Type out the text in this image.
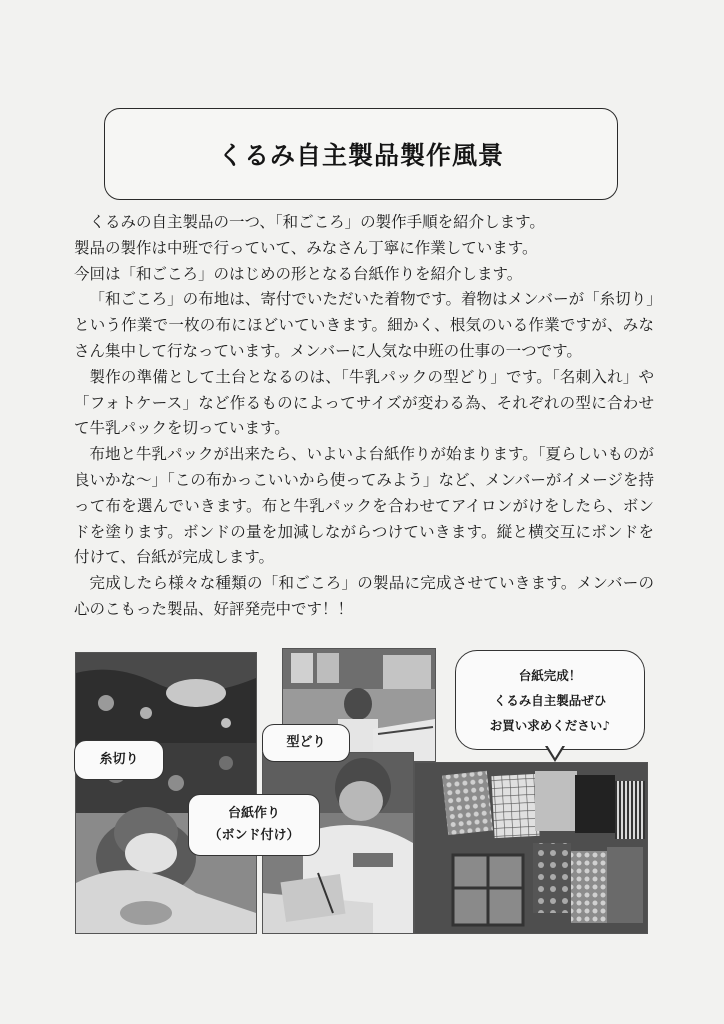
くるみ自主製品製作風景

くるみの自主製品の一つ、「和ごころ」の製作手順を紹介します。

製品の製作は中班で行っていて、みなさん丁寧に作業しています。

今回は「和ごころ」のはじめの形となる台紙作りを紹介します。

「和ごころ」の布地は、寄付でいただいた着物です。着物はメンバーが「糸切り」という作業で一枚の布にほどいていきます。細かく、根気のいる作業ですが、みなさん集中して行なっています。メンバーに人気な中班の仕事の一つです。

製作の準備として土台となるのは、「牛乳パックの型どり」です。「名刺入れ」や「フォトケース」など作るものによってサイズが変わる為、それぞれの型に合わせて牛乳パックを切っています。

布地と牛乳パックが出来たら、いよいよ台紙作りが始まります。「夏らしいものが良いかな～」「この布かっこいいから使ってみよう」など、メンバーがイメージを持って布を選んでいきます。布と牛乳パックを合わせてアイロンがけをしたら、ボンドを塗ります。ボンドの量を加減しながらつけていきます。縦と横交互にボンドを付けて、台紙が完成します。

完成したら様々な種類の「和ごころ」の製品に完成させていきます。メンバーの心のこもった製品、好評発売中です！！

糸切り
型どり
台紙作り
（ボンド付け）
台紙完成！
くるみ自主製品ぜひ
お買い求めください♪
